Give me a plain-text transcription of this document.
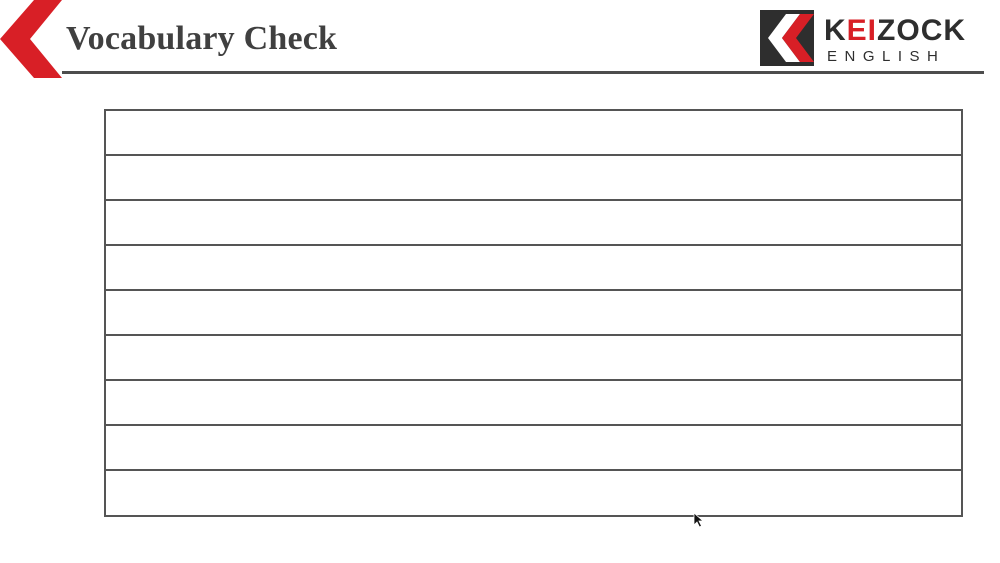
Vocabulary Check	KEIZOCK
ENGLISH
